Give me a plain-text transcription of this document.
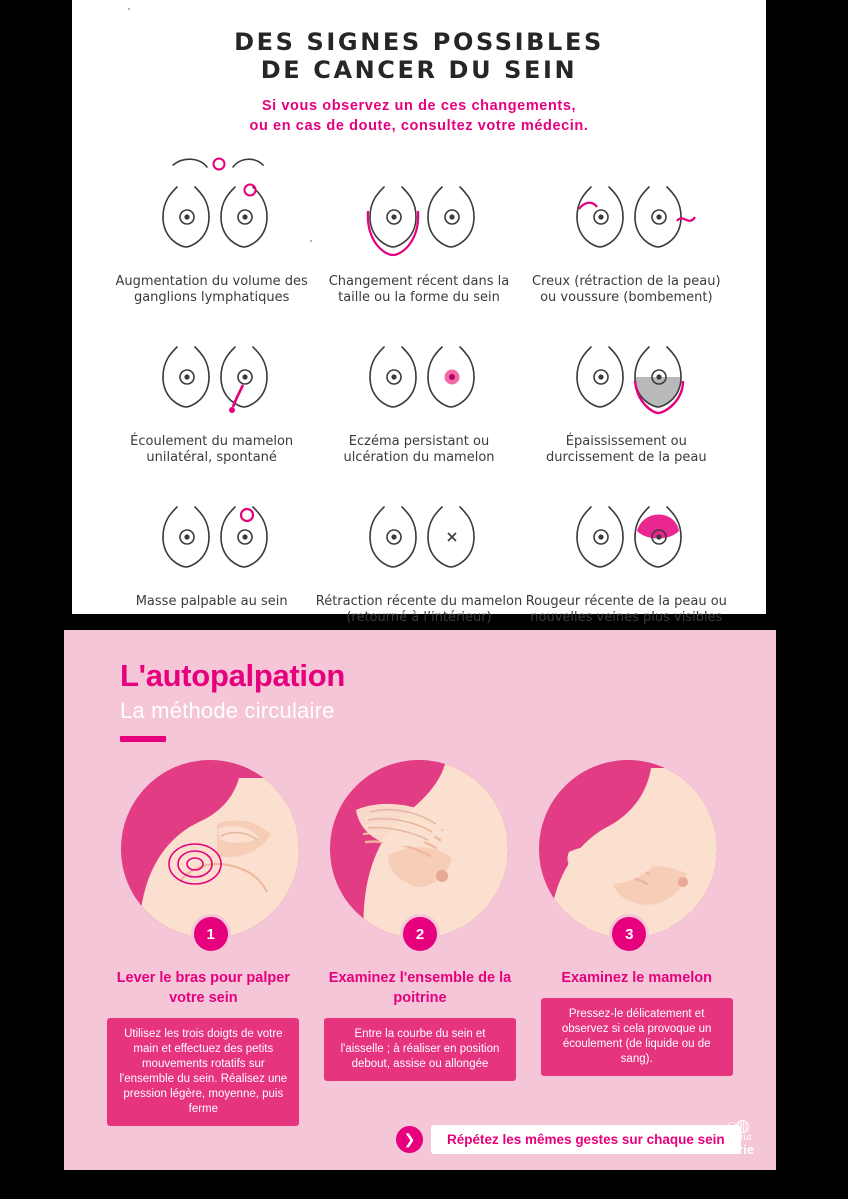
DES SIGNES POSSIBLES
DE CANCER DU SEIN
Si vous observez un de ces changements,
ou en cas de doute, consultez votre médecin.
Augmentation du volume des ganglions lymphatiques
Changement récent dans la taille ou la forme du sein
Creux (rétraction de la peau) ou voussure (bombement)
Écoulement du mamelon unilatéral, spontané
Eczéma persistant ou ulcération du mamelon
Épaississement ou durcissement de la peau
Masse palpable au sein Rétraction récente du mamelon (retourné à l’intérieur)
Rougeur récente de la peau ou nouvelles veines plus visibles
L'autopalpation
La méthode circulaire
1	2	3
Lever le bras pour palper votre sein
Utilisez les trois doigts de votre main et effectuez des petits mouvements rotatifs sur l'ensemble du sein. Réalisez une pression légère, moyenne, puis ferme
Examinez l'ensemble de la poitrine
Entre la courbe du sein et l'aisselle ; à réaliser en position debout, assise ou allongée
Examinez le mamelon
Pressez-le délicatement et observez si cela provoque un écoulement (de liquide ou de sang).
❯	Répétez les mêmes gestes sur chaque sein
◌◍
Institut
Curie
